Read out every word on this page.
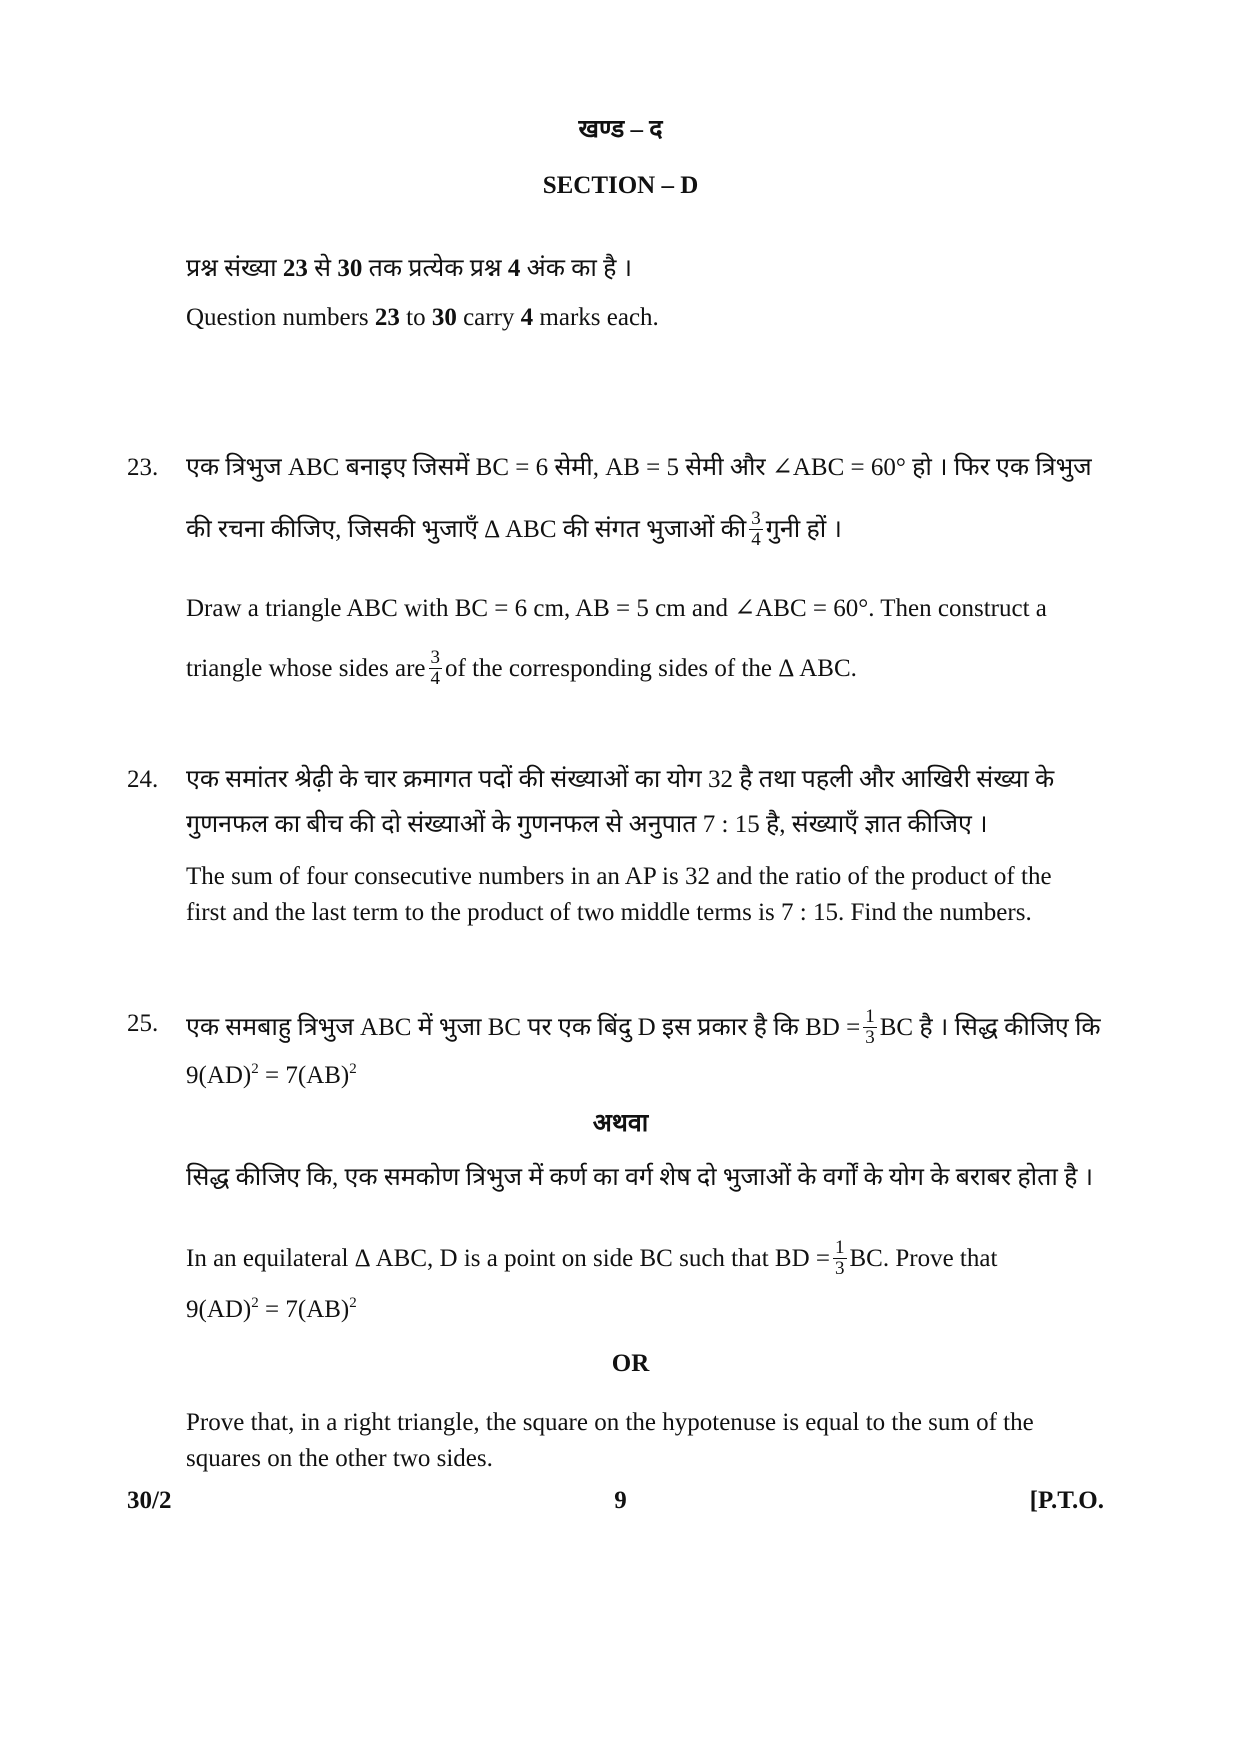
खण्ड – द
SECTION – D
प्रश्न संख्या 23 से 30 तक प्रत्येक प्रश्न 4 अंक का है ।
Question numbers 23 to 30 carry 4 marks each.
23. एक त्रिभुज ABC बनाइए जिसमें BC = 6 सेमी, AB = 5 सेमी और ∠ABC = 60° हो । फिर एक त्रिभुज
की रचना कीजिए, जिसकी भुजाएँ Δ ABC की संगत भुजाओं की $\frac{3}{4}$ गुनी हों ।
Draw a triangle ABC with BC = 6 cm, AB = 5 cm and ∠ABC = 60°. Then construct a
triangle whose sides are $\frac{3}{4}$ of the corresponding sides of the Δ ABC.
24. एक समांतर श्रेढ़ी के चार क्रमागत पदों की संख्याओं का योग 32 है तथा पहली और आखिरी संख्या के
गुणनफल का बीच की दो संख्याओं के गुणनफल से अनुपात 7 : 15 है, संख्याएँ ज्ञात कीजिए ।
The sum of four consecutive numbers in an AP is 32 and the ratio of the product of the
first and the last term to the product of two middle terms is 7 : 15. Find the numbers.
25. एक समबाहु त्रिभुज ABC में भुजा BC पर एक बिंदु D इस प्रकार है कि BD = $\frac{1}{3}$ BC है । सिद्ध कीजिए कि
9(AD)$^2$ = 7(AB)$^2$
अथवा
सिद्ध कीजिए कि, एक समकोण त्रिभुज में कर्ण का वर्ग शेष दो भुजाओं के वर्गों के योग के बराबर होता है ।
In an equilateral Δ ABC, D is a point on side BC such that BD = $\frac{1}{3}$ BC. Prove that
9(AD)$^2$ = 7(AB)$^2$
OR
Prove that, in a right triangle, the square on the hypotenuse is equal to the sum of the
squares on the other two sides.
30/2	9	[P.T.O.
